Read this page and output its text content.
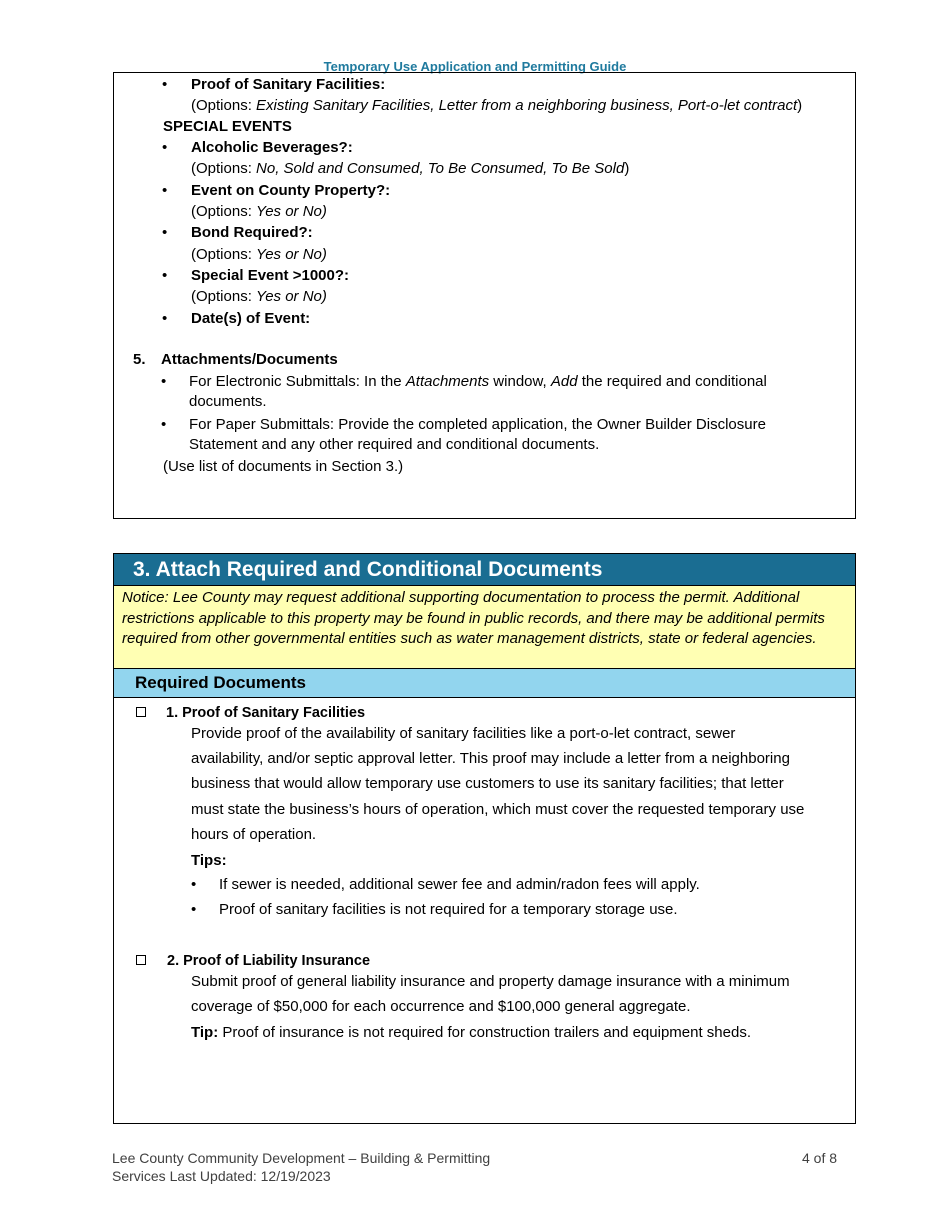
Temporary Use Application and Permitting Guide
• Proof of Sanitary Facilities:
(Options: Existing Sanitary Facilities, Letter from a neighboring business, Port-o-let contract)
SPECIAL EVENTS
• Alcoholic Beverages?:
(Options: No, Sold and Consumed, To Be Consumed, To Be Sold)
• Event on County Property?:
(Options: Yes or No)
• Bond Required?:
(Options: Yes or No)
• Special Event >1000?:
(Options: Yes or No)
• Date(s) of Event:
5. Attachments/Documents
• For Electronic Submittals: In the Attachments window, Add the required and conditional
documents.
• For Paper Submittals: Provide the completed application, the Owner Builder Disclosure
Statement and any other required and conditional documents.
(Use list of documents in Section 3.)
3. Attach Required and Conditional Documents
Notice: Lee County may request additional supporting documentation to process the permit. Additional restrictions applicable to this property may be found in public records, and there may be additional permits required from other governmental entities such as water management districts, state or federal agencies.
Required Documents
1. Proof of Sanitary Facilities
Provide proof of the availability of sanitary facilities like a port-o-let contract, sewer
availability, and/or septic approval letter. This proof may include a letter from a neighboring
business that would allow temporary use customers to use its sanitary facilities; that letter
must state the business’s hours of operation, which must cover the requested temporary use
hours of operation.
Tips:
• If sewer is needed, additional sewer fee and admin/radon fees will apply.
• Proof of sanitary facilities is not required for a temporary storage use.
2. Proof of Liability Insurance
Submit proof of general liability insurance and property damage insurance with a minimum
coverage of $50,000 for each occurrence and $100,000 general aggregate.
Tip: Proof of insurance is not required for construction trailers and equipment sheds.
Lee County Community Development – Building & Permitting
Services Last Updated: 12/19/2023
4 of 8
